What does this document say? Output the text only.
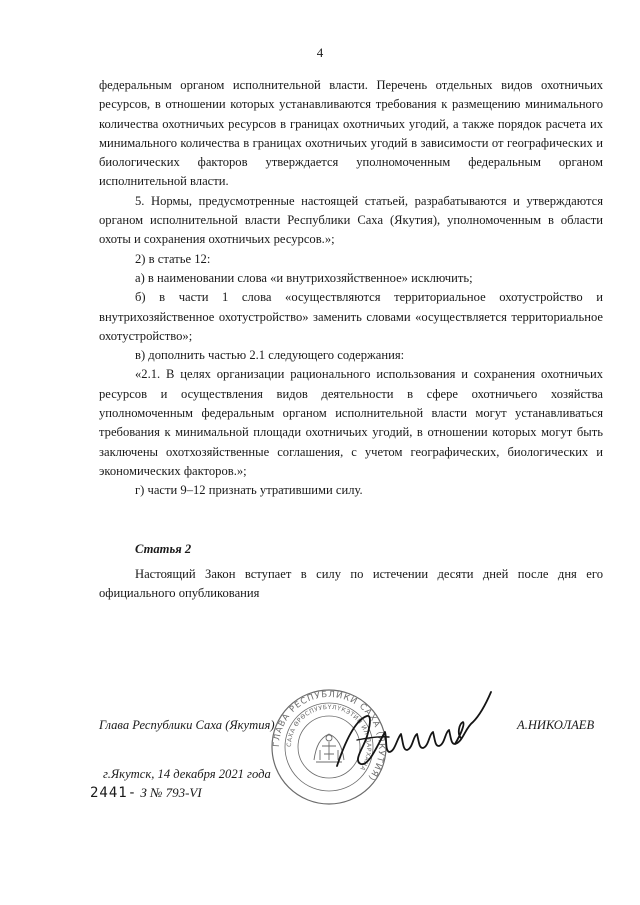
4

федеральным органом исполнительной власти. Перечень отдельных видов охотничьих ресурсов, в отношении которых устанавливаются требования к размещению минимального количества охотничьих ресурсов в границах охотничьих угодий, а также порядок расчета их минимального количества в границах охотничьих угодий в зависимости от географических и биологических факторов утверждается уполномоченным федеральным органом исполнительной власти.

5. Нормы, предусмотренные настоящей статьей, разрабатываются и утверждаются органом исполнительной власти Республики Саха (Якутия), уполномоченным в области охоты и сохранения охотничьих ресурсов.»;

2) в статье 12:

а) в наименовании слова «и внутрихозяйственное» исключить;

б) в части 1 слова «осуществляются территориальное охотустройство и внутрихозяйственное охотустройство» заменить словами «осуществляется территориальное охотустройство»;

в) дополнить частью 2.1 следующего содержания:

«2.1. В целях организации рационального использования и сохранения охотничьих ресурсов и осуществления видов деятельности в сфере охотничьего хозяйства уполномоченным федеральным органом исполнительной власти могут устанавливаться требования к минимальной площади охотничьих угодий, в отношении которых могут быть заключены охотхозяйственные соглашения, с учетом географических, биологических и экономических факторов.»;

г) части 9–12 признать утратившими силу.

Статья 2

Настоящий Закон вступает в силу по истечении десяти дней после дня его официального опубликования

ГЛАВА РЕСПУБЛИКИ САХА (ЯКУТИЯ)
САХА ӨРӨСПУУБҮЛҮКЭТИН ИЛ ДАРХАНА
Глава Республики Саха (Якутия)	А.НИКОЛАЕВ
г.Якутск, 14 декабря 2021 года
2441- З № 793-VI
